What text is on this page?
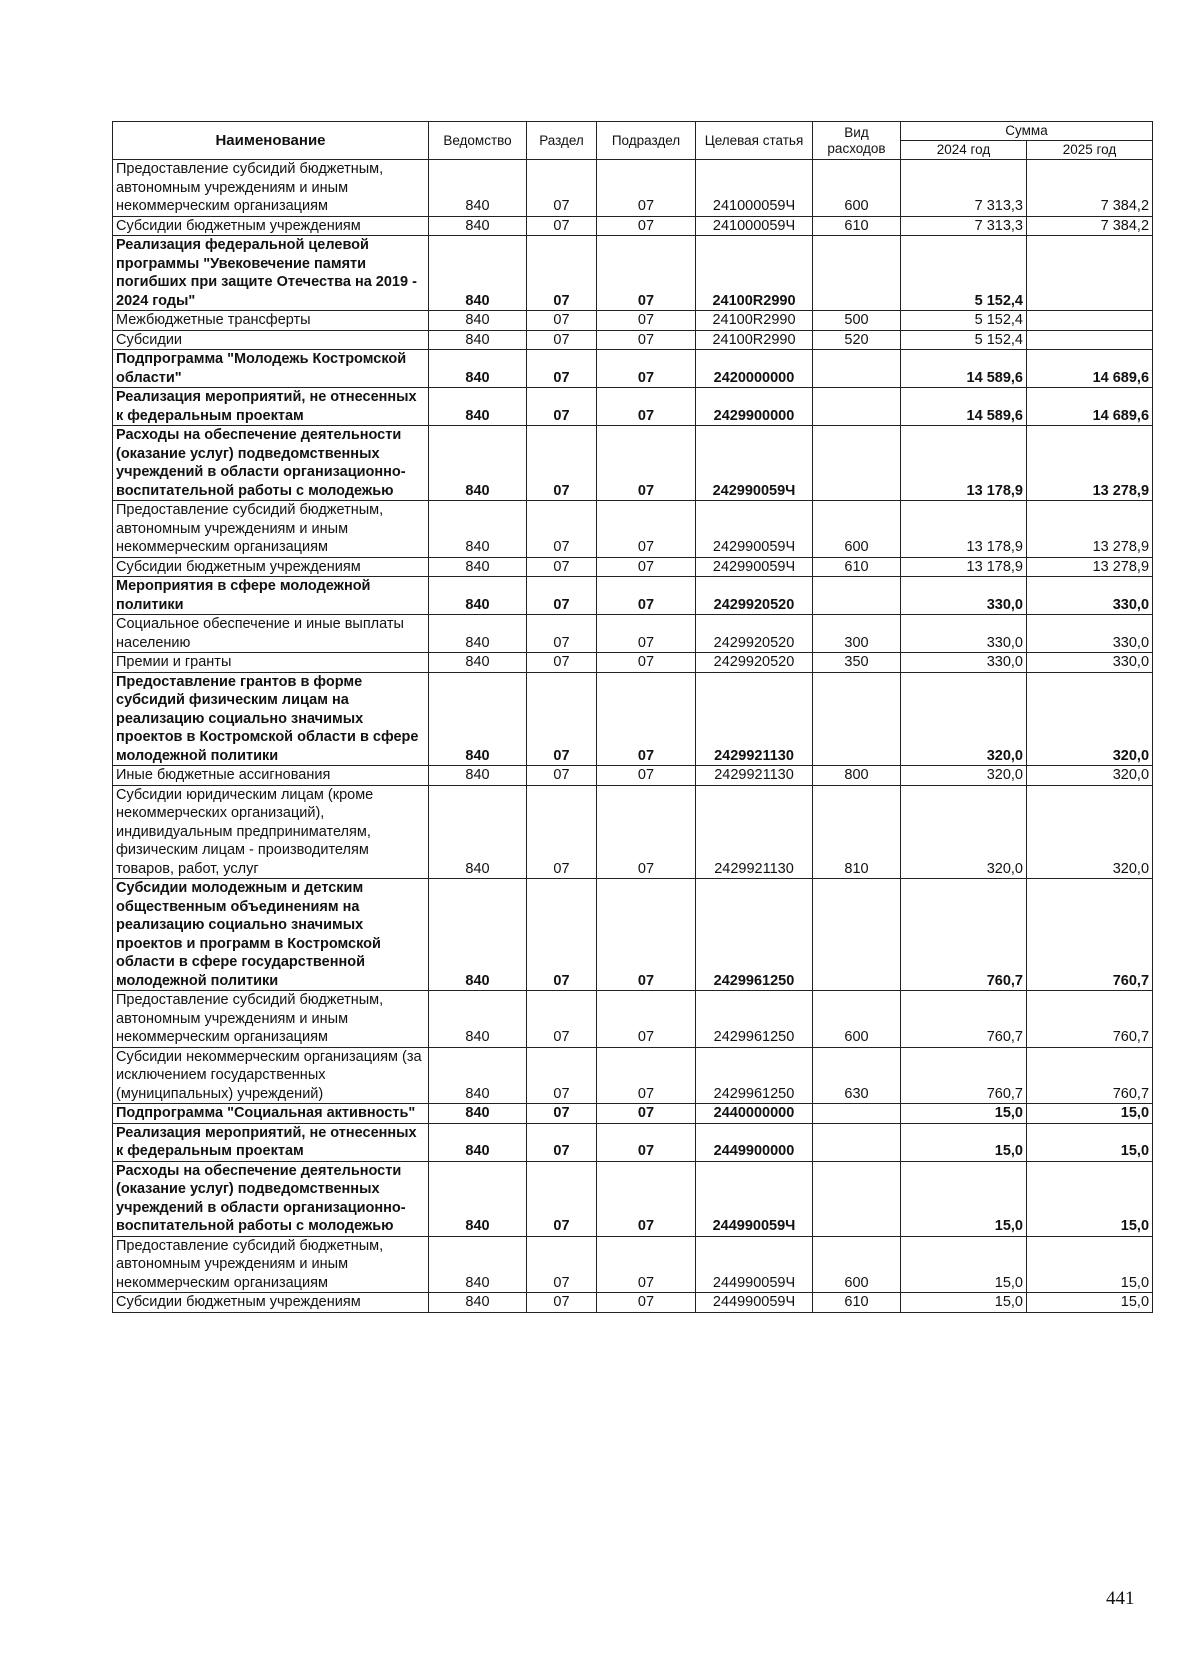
Наименование	Ведомство	Раздел	Подраздел	Целевая статья	Вид расходов	Сумма	
						2024 год	2025 год
Предоставление субсидий бюджетным, автономным учреждениям и иным некоммерческим организациям	840	07	07	241000059Ч	600	7 313,3	7 384,2
Субсидии бюджетным учреждениям	840	07	07	241000059Ч	610	7 313,3	7 384,2
Реализация федеральной целевой программы "Увековечение памяти погибших при защите Отечества на 2019 - 2024 годы"	840	07	07	24100R2990		5 152,4	
Межбюджетные трансферты	840	07	07	24100R2990	500	5 152,4	
Субсидии	840	07	07	24100R2990	520	5 152,4	
Подпрограмма "Молодежь Костромской области"	840	07	07	2420000000		14 589,6	14 689,6
Реализация мероприятий, не отнесенных к федеральным проектам	840	07	07	2429900000		14 589,6	14 689,6
Расходы на обеспечение деятельности (оказание услуг) подведомственных учреждений в области организационно-воспитательной работы с молодежью	840	07	07	242990059Ч		13 178,9	13 278,9
Предоставление субсидий бюджетным, автономным учреждениям и иным некоммерческим организациям	840	07	07	242990059Ч	600	13 178,9	13 278,9
Субсидии бюджетным учреждениям	840	07	07	242990059Ч	610	13 178,9	13 278,9
Мероприятия в сфере молодежной политики	840	07	07	2429920520		330,0	330,0
Социальное обеспечение и иные выплаты населению	840	07	07	2429920520	300	330,0	330,0
Премии и гранты	840	07	07	2429920520	350	330,0	330,0
Предоставление грантов в форме субсидий физическим лицам на реализацию социально значимых проектов в Костромской области в сфере молодежной политики	840	07	07	2429921130		320,0	320,0
Иные бюджетные ассигнования	840	07	07	2429921130	800	320,0	320,0
Субсидии юридическим лицам (кроме некоммерческих организаций), индивидуальным предпринимателям, физическим лицам - производителям товаров, работ, услуг	840	07	07	2429921130	810	320,0	320,0
Субсидии молодежным и детским общественным объединениям на реализацию социально значимых проектов и программ в Костромской области в сфере государственной молодежной политики	840	07	07	2429961250		760,7	760,7
Предоставление субсидий бюджетным, автономным учреждениям и иным некоммерческим организациям	840	07	07	2429961250	600	760,7	760,7
Субсидии некоммерческим организациям (за исключением государственных (муниципальных) учреждений)	840	07	07	2429961250	630	760,7	760,7
Подпрограмма "Социальная активность"	840	07	07	2440000000		15,0	15,0
Реализация мероприятий, не отнесенных к федеральным проектам	840	07	07	2449900000		15,0	15,0
Расходы на обеспечение деятельности (оказание услуг) подведомственных учреждений в области организационно-воспитательной работы с молодежью	840	07	07	244990059Ч		15,0	15,0
Предоставление субсидий бюджетным, автономным учреждениям и иным некоммерческим организациям	840	07	07	244990059Ч	600	15,0	15,0
Субсидии бюджетным учреждениям	840	07	07	244990059Ч	610	15,0	15,0
441
